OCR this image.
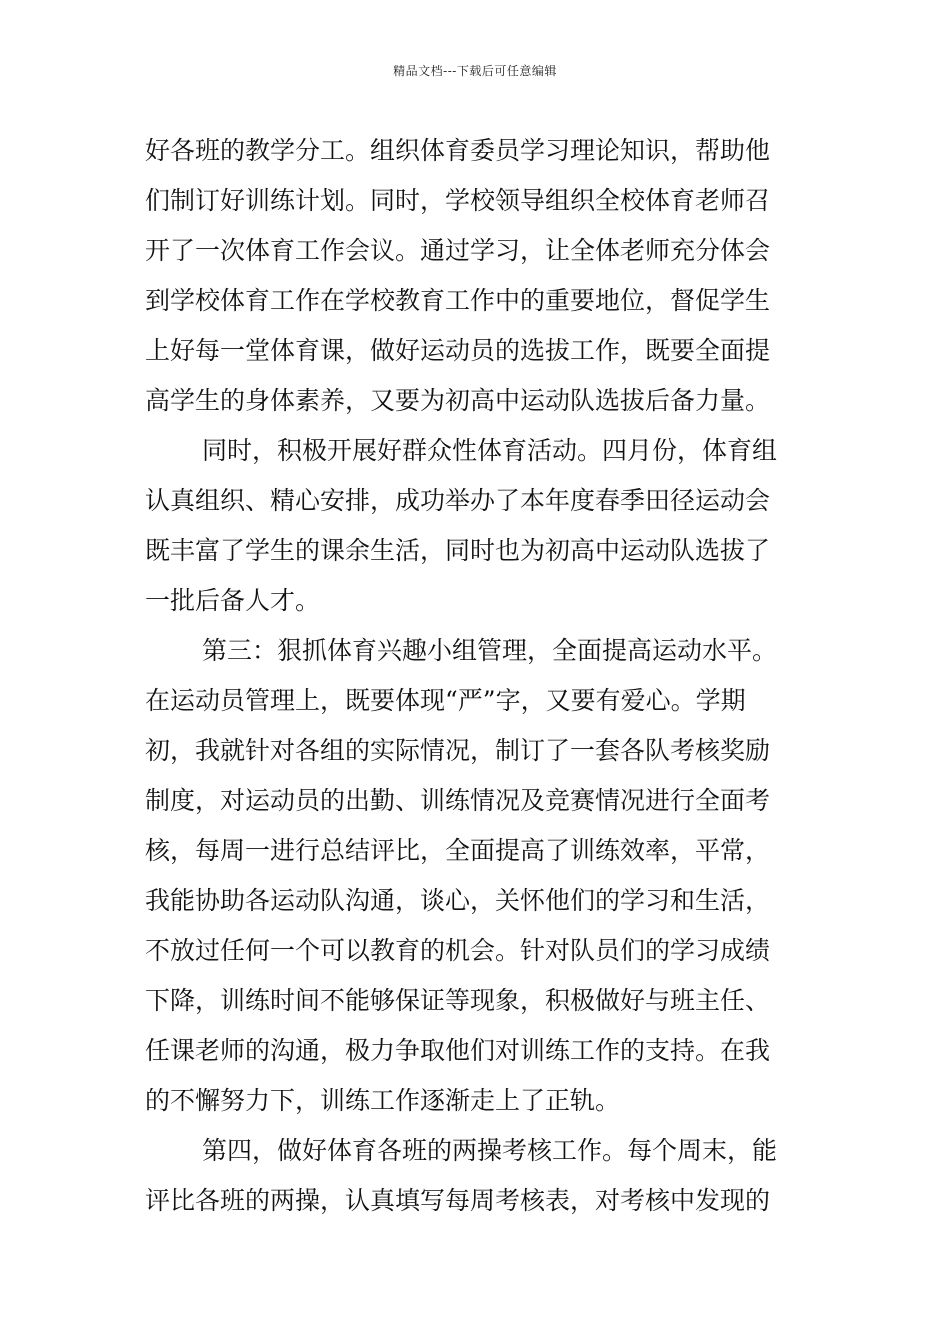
精品文档---下载后可任意编辑
好各班的教学分工。组织体育委员学习理论知识，帮助他
们制订好训练计划。同时，学校领导组织全校体育老师召
开了一次体育工作会议。通过学习，让全体老师充分体会
到学校体育工作在学校教育工作中的重要地位，督促学生
上好每一堂体育课，做好运动员的选拔工作，既要全面提
高学生的身体素养，又要为初高中运动队选拔后备力量。
同时，积极开展好群众性体育活动。四月份，体育组
认真组织、精心安排，成功举办了本年度春季田径运动会
既丰富了学生的课余生活，同时也为初高中运动队选拔了
一批后备人才。
第三：狠抓体育兴趣小组管理，全面提高运动水平。
在运动员管理上，既要体现“严”字，又要有爱心。学期
初，我就针对各组的实际情况，制订了一套各队考核奖励
制度，对运动员的出勤、训练情况及竞赛情况进行全面考
核，每周一进行总结评比，全面提高了训练效率，平常，
我能协助各运动队沟通，谈心，关怀他们的学习和生活，
不放过任何一个可以教育的机会。针对队员们的学习成绩
下降，训练时间不能够保证等现象，积极做好与班主任、
任课老师的沟通，极力争取他们对训练工作的支持。在我
的不懈努力下，训练工作逐渐走上了正轨。
第四，做好体育各班的两操考核工作。每个周末，能
评比各班的两操，认真填写每周考核表，对考核中发现的
